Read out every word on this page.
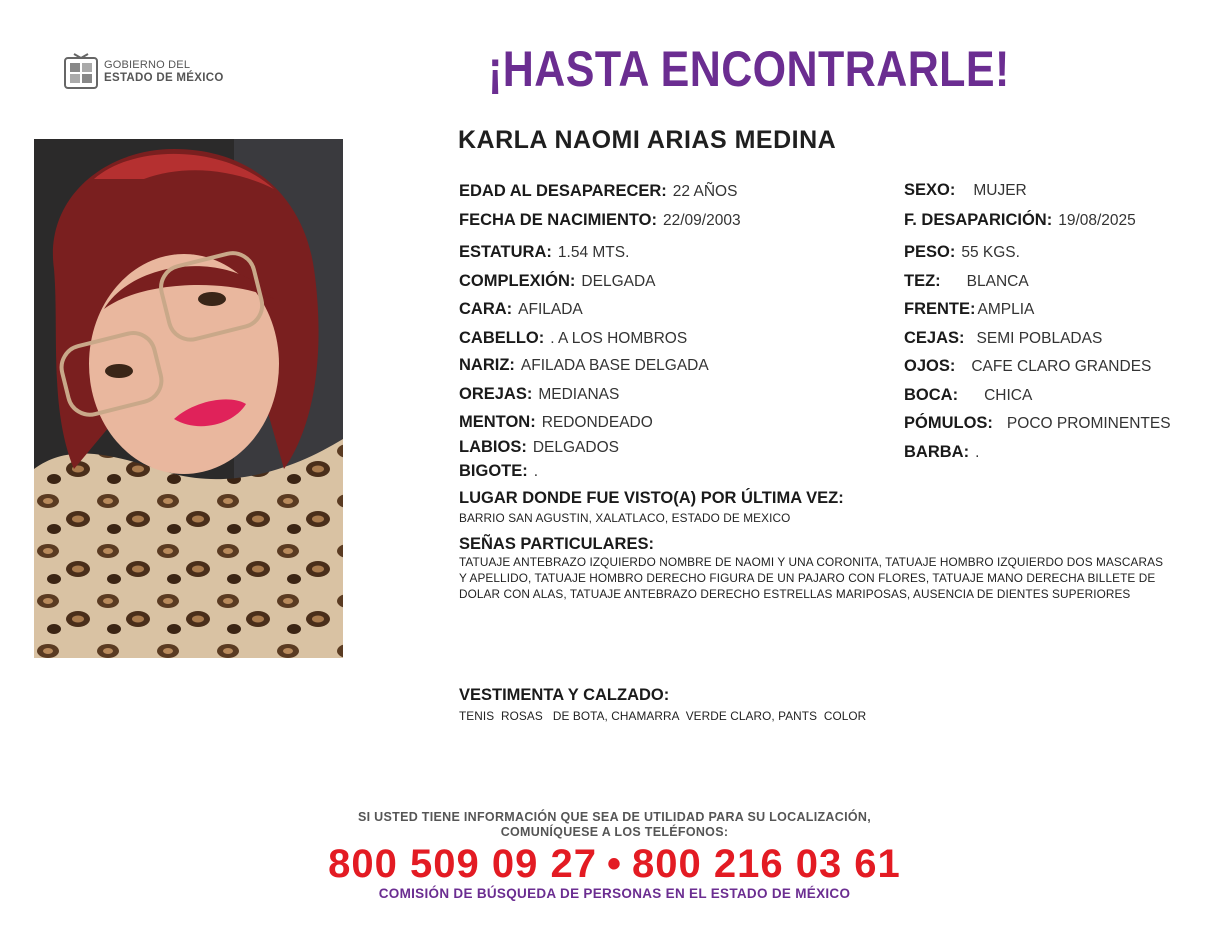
GOBIERNO DEL
ESTADO DE MÉXICO	¡HASTA ENCONTRARLE!
KARLA NAOMI ARIAS MEDINA
EDAD AL DESAPARECER: 22 AÑOS
FECHA DE NACIMIENTO: 22/09/2003
ESTATURA: 1.54 MTS.
COMPLEXIÓN: DELGADA
CARA: AFILADA
CABELLO: . A LOS HOMBROS
NARIZ: AFILADA BASE DELGADA
OREJAS: MEDIANAS
MENTON: REDONDEADO
LABIOS: DELGADOS
BIGOTE: .
SEXO: MUJER
F. DESAPARICIÓN: 19/08/2025
PESO: 55 KGS.
TEZ: BLANCA
FRENTE: AMPLIA
CEJAS: SEMI POBLADAS
OJOS: CAFE CLARO GRANDES
BOCA: CHICA
PÓMULOS: POCO PROMINENTES
BARBA: .
LUGAR DONDE FUE VISTO(A) POR ÚLTIMA VEZ:
BARRIO SAN AGUSTIN, XALATLACO, ESTADO DE MEXICO
SEÑAS PARTICULARES:
TATUAJE ANTEBRAZO IZQUIERDO NOMBRE DE NAOMI Y UNA CORONITA, TATUAJE HOMBRO IZQUIERDO DOS MASCARAS
Y APELLIDO, TATUAJE HOMBRO DERECHO FIGURA DE UN PAJARO CON FLORES, TATUAJE MANO DERECHA BILLETE DE
DOLAR CON ALAS, TATUAJE ANTEBRAZO DERECHO ESTRELLAS MARIPOSAS, AUSENCIA DE DIENTES SUPERIORES
VESTIMENTA Y CALZADO:
TENIS  ROSAS   DE BOTA, CHAMARRA  VERDE CLARO, PANTS  COLOR
SI USTED TIENE INFORMACIÓN QUE SEA DE UTILIDAD PARA SU LOCALIZACIÓN,
COMUNÍQUESE A LOS TELÉFONOS:
800 509 09 27 • 800 216 03 61
COMISIÓN DE BÚSQUEDA DE PERSONAS EN EL ESTADO DE MÉXICO
